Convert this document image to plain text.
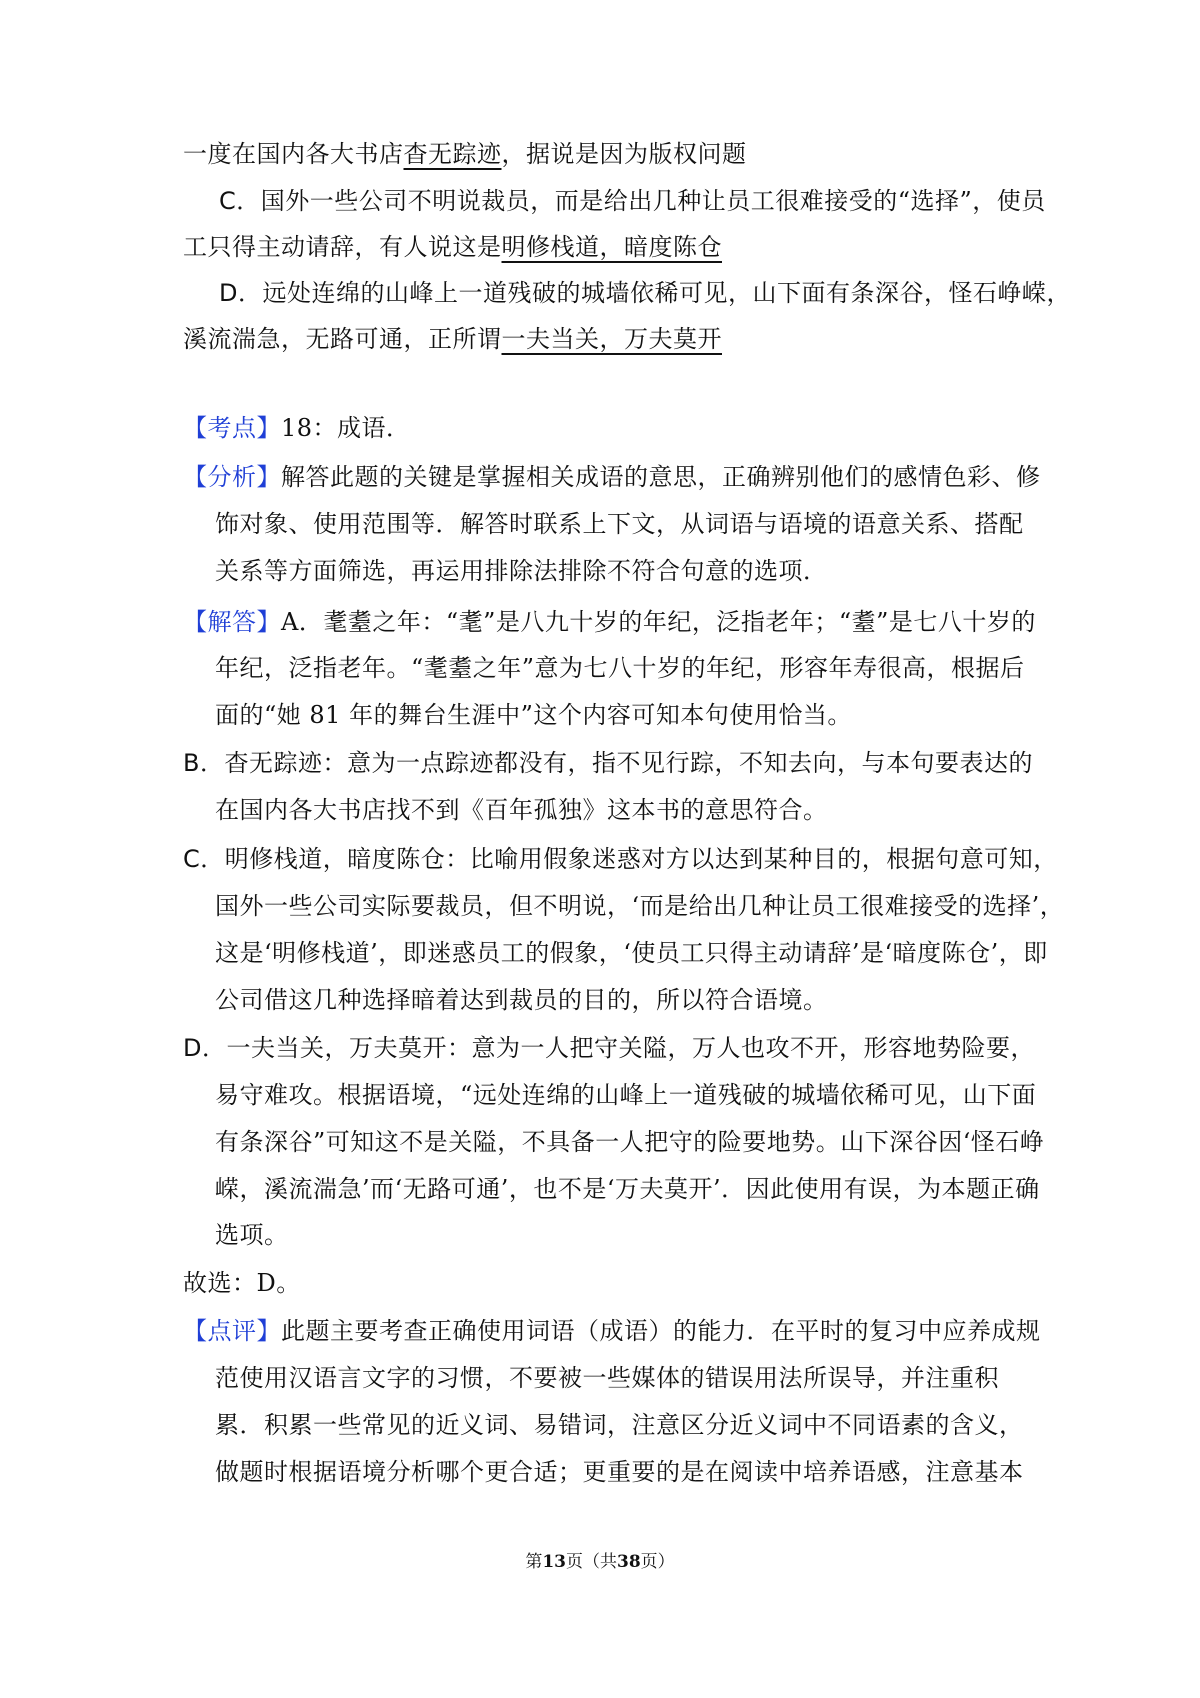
一度在国内各大书店杳无踪迹，据说是因为版权问题
C．国外一些公司不明说裁员，而是给出几种让员工很难接受的“选择”，使员
工只得主动请辞，有人说这是明修栈道，暗度陈仓
D．远处连绵的山峰上一道残破的城墙依稀可见，山下面有条深谷，怪石峥嵘，
溪流湍急，无路可通，正所谓一夫当关，万夫莫开
【考点】18：成语．
【分析】解答此题的关键是掌握相关成语的意思，正确辨别他们的感情色彩、修
饰对象、使用范围等．解答时联系上下文，从词语与语境的语意关系、搭配
关系等方面筛选，再运用排除法排除不符合句意的选项．
【解答】A．耄耋之年：“耄”是八九十岁的年纪，泛指老年；“耋”是七八十岁的
年纪，泛指老年。“耄耋之年”意为七八十岁的年纪，形容年寿很高，根据后
面的“她 81 年的舞台生涯中”这个内容可知本句使用恰当。
B．杳无踪迹：意为一点踪迹都没有，指不见行踪，不知去向，与本句要表达的
在国内各大书店找不到《百年孤独》这本书的意思符合。
C．明修栈道，暗度陈仓：比喻用假象迷惑对方以达到某种目的，根据句意可知，
国外一些公司实际要裁员，但不明说，‘而是给出几种让员工很难接受的选择’，
这是‘明修栈道’，即迷惑员工的假象，‘使员工只得主动请辞’是‘暗度陈仓’，即
公司借这几种选择暗着达到裁员的目的，所以符合语境。
D．一夫当关，万夫莫开：意为一人把守关隘，万人也攻不开，形容地势险要，
易守难攻。根据语境，“远处连绵的山峰上一道残破的城墙依稀可见，山下面
有条深谷”可知这不是关隘，不具备一人把守的险要地势。山下深谷因‘怪石峥
嵘，溪流湍急’而‘无路可通’，也不是‘万夫莫开’．因此使用有误，为本题正确
选项。
故选：D。
【点评】此题主要考查正确使用词语（成语）的能力．在平时的复习中应养成规
范使用汉语言文字的习惯，不要被一些媒体的错误用法所误导，并注重积
累．积累一些常见的近义词、易错词，注意区分近义词中不同语素的含义，
做题时根据语境分析哪个更合适；更重要的是在阅读中培养语感，注意基本
第13页（共38页）
